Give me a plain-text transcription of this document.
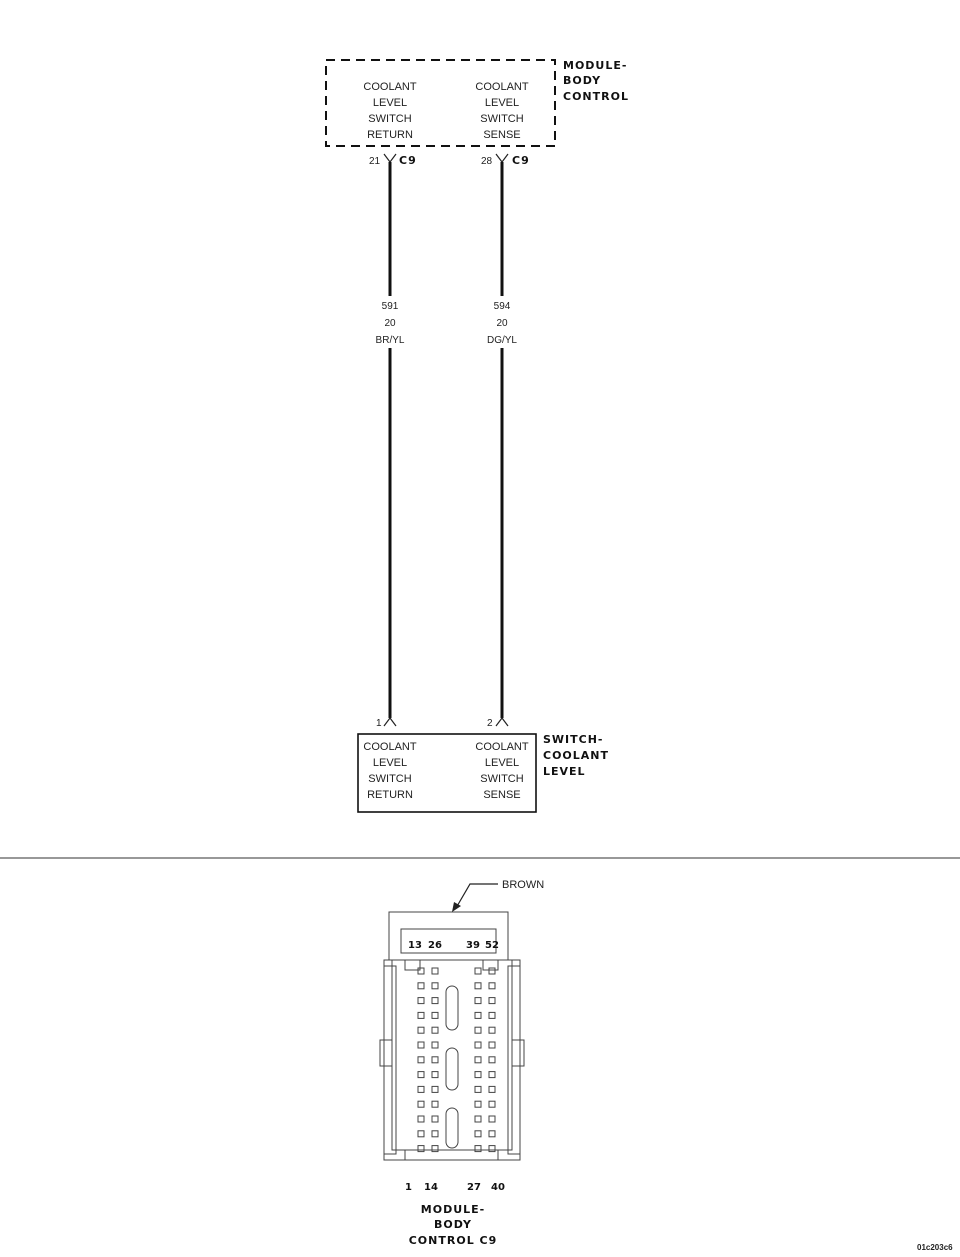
MODULE-
BODY
CONTROL
COOLANT
LEVEL
SWITCH
RETURN
COOLANT
LEVEL
SWITCH
SENSE
21 C9	28 C9
591
20
BR/YL
594
20
DG/YL
1	2
SWITCH-
COOLANT
LEVEL
COOLANT
LEVEL
SWITCH
RETURN
COOLANT
LEVEL
SWITCH
SENSE
BROWN
13 26 39 52
1 14	27 40
MODULE-
BODY
CONTROL C9
01c203c6
